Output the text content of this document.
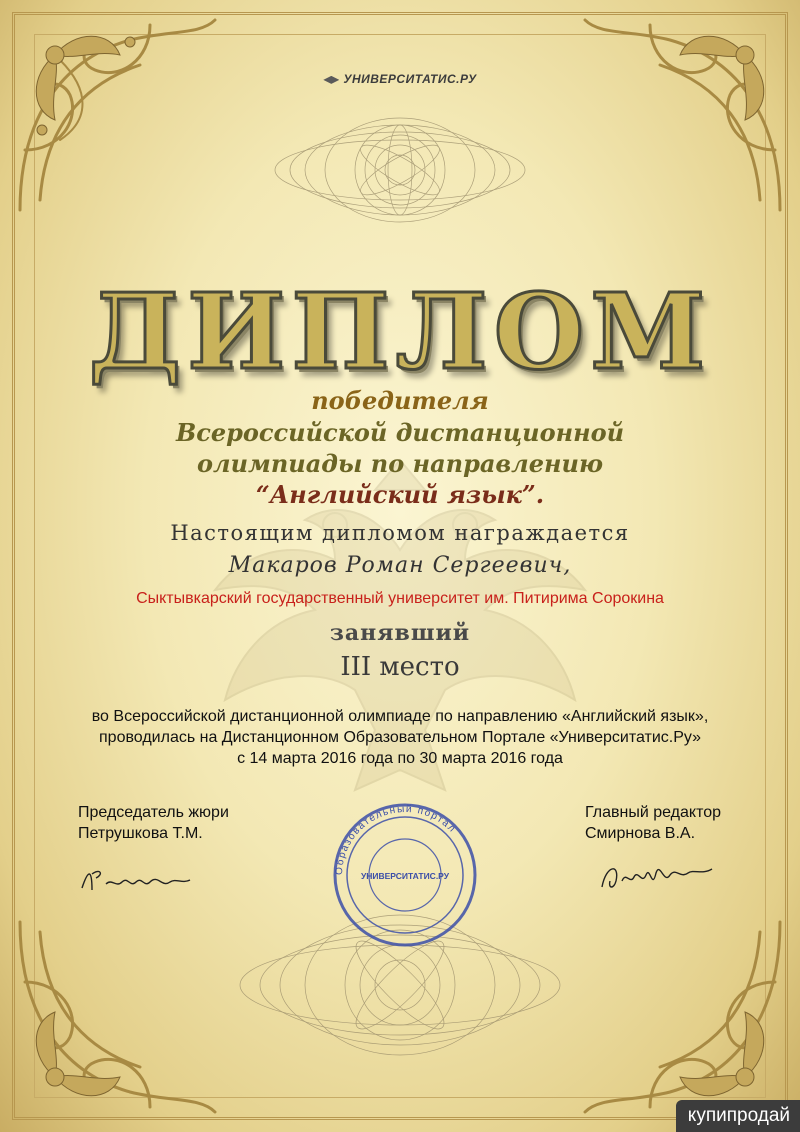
УНИВЕРСИТАТИС.РУ
ДИПЛОМ
победителя
Всероссийской дистанционной
олимпиады по направлению
“Английский язык”.
Настоящим дипломом награждается
Макаров Роман Сергеевич,
Сыктывкарский государственный университет им. Питирима Сорокина
занявший
III место
во Всероссийской дистанционной олимпиаде по направлению «Английский язык»,
проводилась на Дистанционном Образовательном Портале «Университатис.Ру»
с 14 марта 2016 года по 30 марта 2016 года
Председатель жюри
Петрушкова Т.М.
Главный редактор
Смирнова В.А.
Образовательный портал
УНИВЕРСИТАТИС.РУ
купипродай
